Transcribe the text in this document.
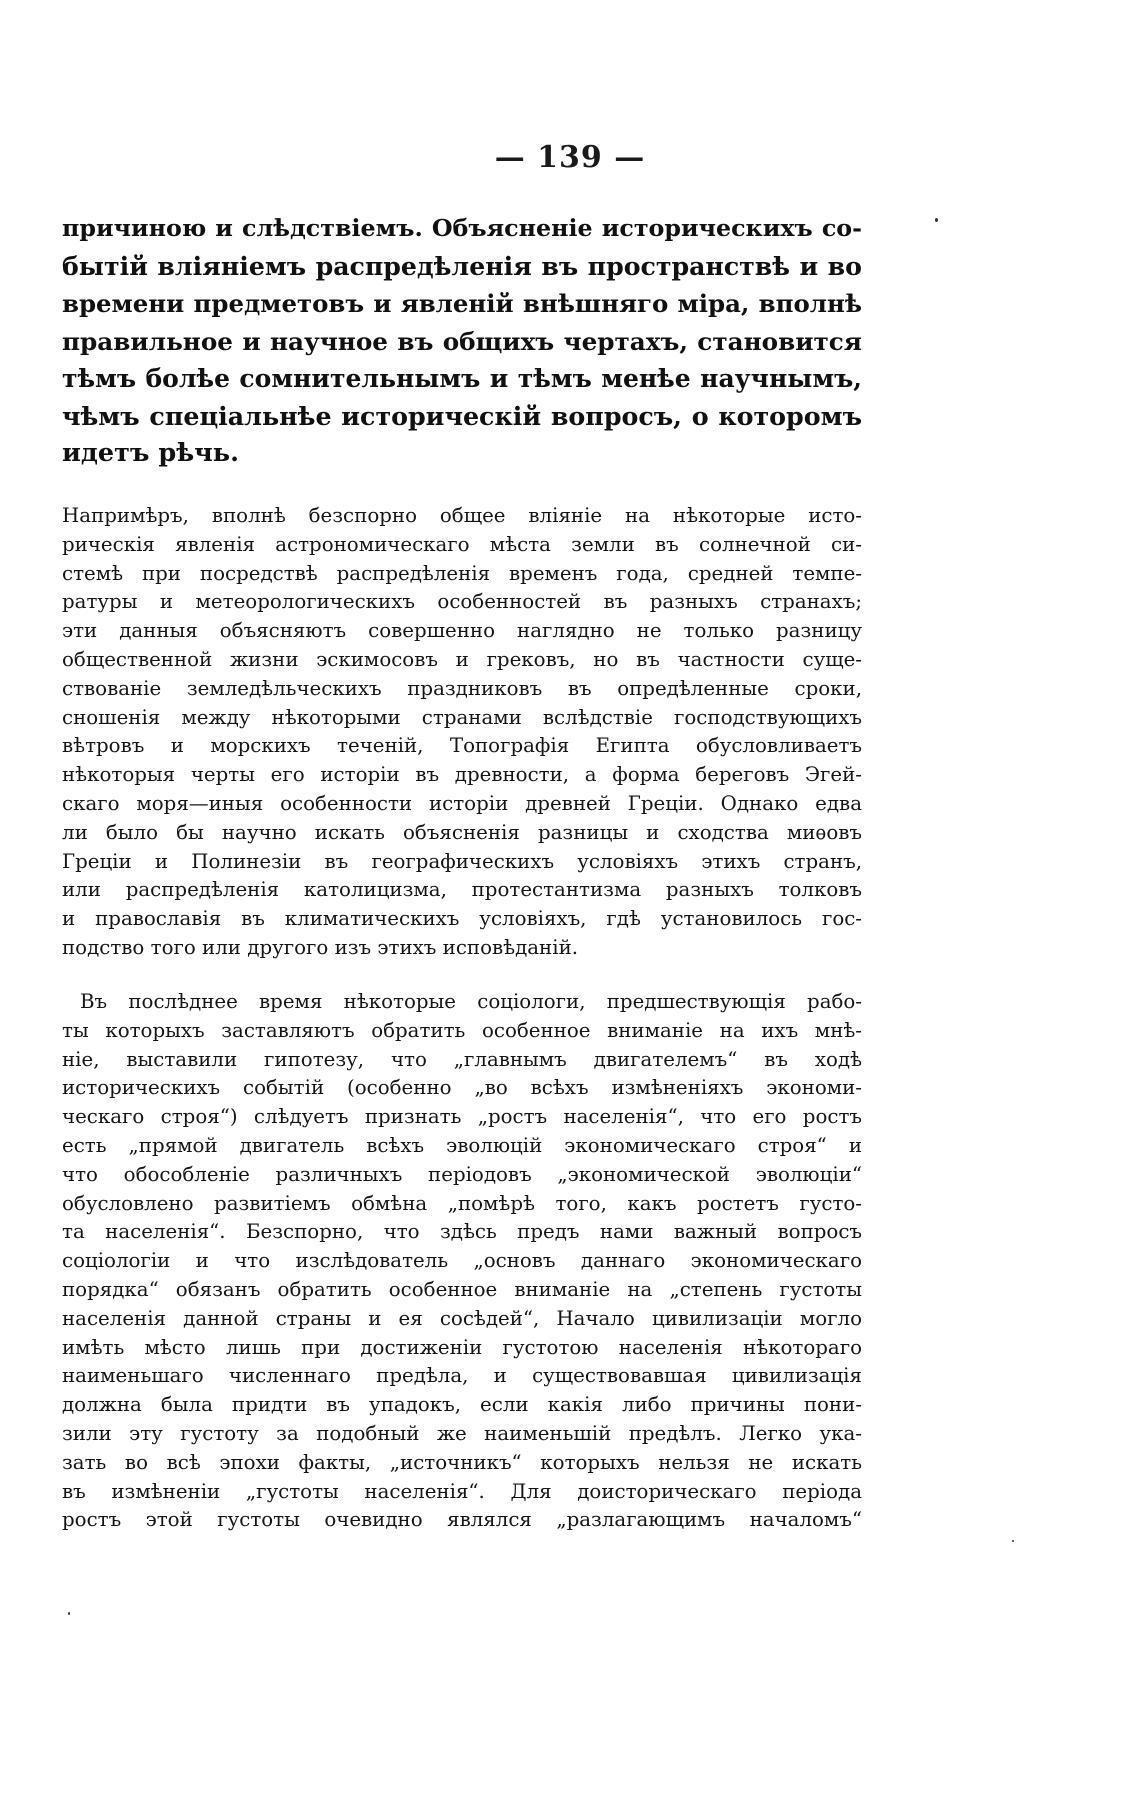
— 139 —
причиною и слѣдствіемъ. Объясненіе историческихъ со-
бытій вліяніемъ распредѣленія въ пространствѣ и во
времени предметовъ и явленій внѣшняго міра, вполнѣ
правильное и научное въ общихъ чертахъ, становится
тѣмъ болѣе сомнительнымъ и тѣмъ менѣе научнымъ,
чѣмъ спеціальнѣе историческій вопросъ, о которомъ
идетъ рѣчь.
Напримѣръ, вполнѣ безспорно общее вліяніе на нѣкоторые исто-
рическія явленія астрономическаго мѣста земли въ солнечной си-
стемѣ при посредствѣ распредѣленія временъ года, средней темпе-
ратуры и метеорологическихъ особенностей въ разныхъ странахъ;
эти данныя объясняютъ совершенно наглядно не только разницу
общественной жизни эскимосовъ и грековъ, но въ частности суще-
ствованіе земледѣльческихъ праздниковъ въ опредѣленные сроки,
сношенія между нѣкоторыми странами вслѣдствіе господствующихъ
вѣтровъ и морскихъ теченій, Топографія Египта обусловливаетъ
нѣкоторыя черты его исторіи въ древности, а форма береговъ Эгей-
скаго моря—иныя особенности исторіи древней Греціи. Однако едва
ли было бы научно искать объясненія разницы и сходства миѳовъ
Греціи и Полинезіи въ географическихъ условіяхъ этихъ странъ,
или распредѣленія католицизма, протестантизма разныхъ толковъ
и православія въ климатическихъ условіяхъ, гдѣ установилось гос-
подство того или другого изъ этихъ исповѣданій.
Въ послѣднее время нѣкоторые соціологи, предшествующія рабо-
ты которыхъ заставляютъ обратить особенное вниманіе на ихъ мнѣ-
ніе, выставили гипотезу, что „главнымъ двигателемъ“ въ ходѣ
историческихъ событій (особенно „во всѣхъ измѣненіяхъ экономи-
ческаго строя“) слѣдуетъ признать „ростъ населенія“, что его ростъ
есть „прямой двигатель всѣхъ эволюцій экономическаго строя“ и
что обособленіе различныхъ періодовъ „экономической эволюціи“
обусловлено развитіемъ обмѣна „помѣрѣ того, какъ ростетъ густо-
та населенія“. Безспорно, что здѣсь предъ нами важный вопросъ
соціологіи и что изслѣдователь „основъ даннаго экономическаго
порядка“ обязанъ обратить особенное вниманіе на „степень густоты
населенія данной страны и ея сосѣдей“, Начало цивилизаціи могло
имѣть мѣсто лишь при достиженіи густотою населенія нѣкотораго
наименьшаго численнаго предѣла, и существовавшая цивилизація
должна была придти въ упадокъ, если какія либо причины пони-
зили эту густоту за подобный же наименьшій предѣлъ. Легко ука-
зать во всѣ эпохи факты, „источникъ“ которыхъ нельзя не искать
въ измѣненіи „густоты населенія“. Для доисторическаго періода
ростъ этой густоты очевидно являлся „разлагающимъ началомъ“
